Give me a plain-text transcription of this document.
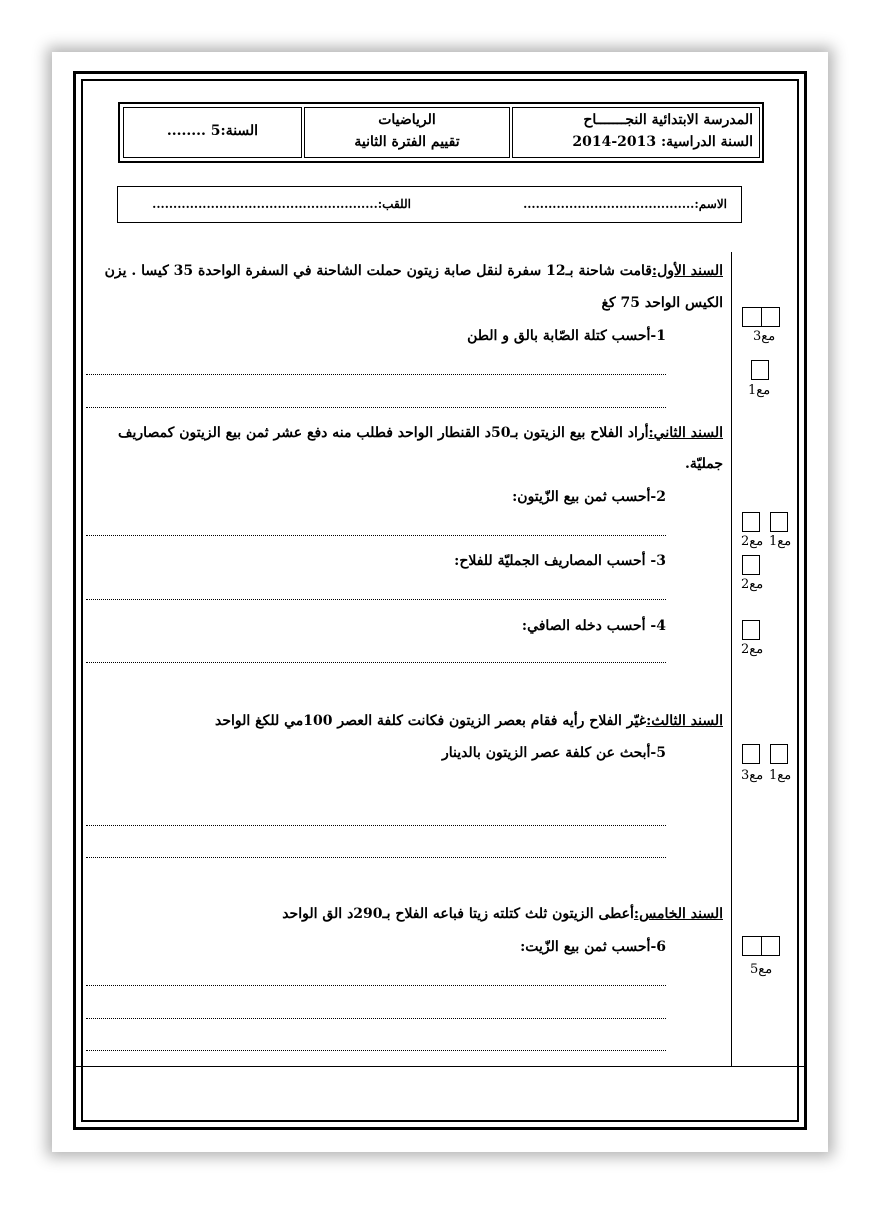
المدرسة الابتدائية النجـــــــاح
السنة الدراسية: 2013-2014
الرياضيات
تقييم الفترة الثانية
السنة:5 ........
الاسم:.........................................
اللقب:......................................................
السند الأول:قامت شاحنة بـ12 سفرة لنقل صابة زيتون حملت الشاحنة في السفرة الواحدة 35 كيسا . يزن
الكيس الواحد 75 كغ
1-أحسب كتلة الصّابة بالق و الطن	مع3
مع1
السند الثاني:أراد الفلاح بيع الزيتون بـ50د القنطار الواحد فطلب منه دفع عشر ثمن بيع الزيتون كمصاريف
جمليّة.
2-أحسب ثمن بيع الزّيتون:
3- أحسب المصاريف الجمليّة للفلاح:
4- أحسب دخله الصافي:
مع2 مع1
مع2
مع2
السند الثالث:غيّر الفلاح رأيه فقام بعصر الزيتون فكانت كلفة العصر 100مي للكغ الواحد
5-أبحث عن كلفة عصر الزيتون بالدينار
مع3 مع1
السند الخامس:أعطى الزيتون ثلث كتلته زيتا فباعه الفلاح بـ290د الق الواحد
6-أحسب ثمن بيع الزّيت:
مع5
